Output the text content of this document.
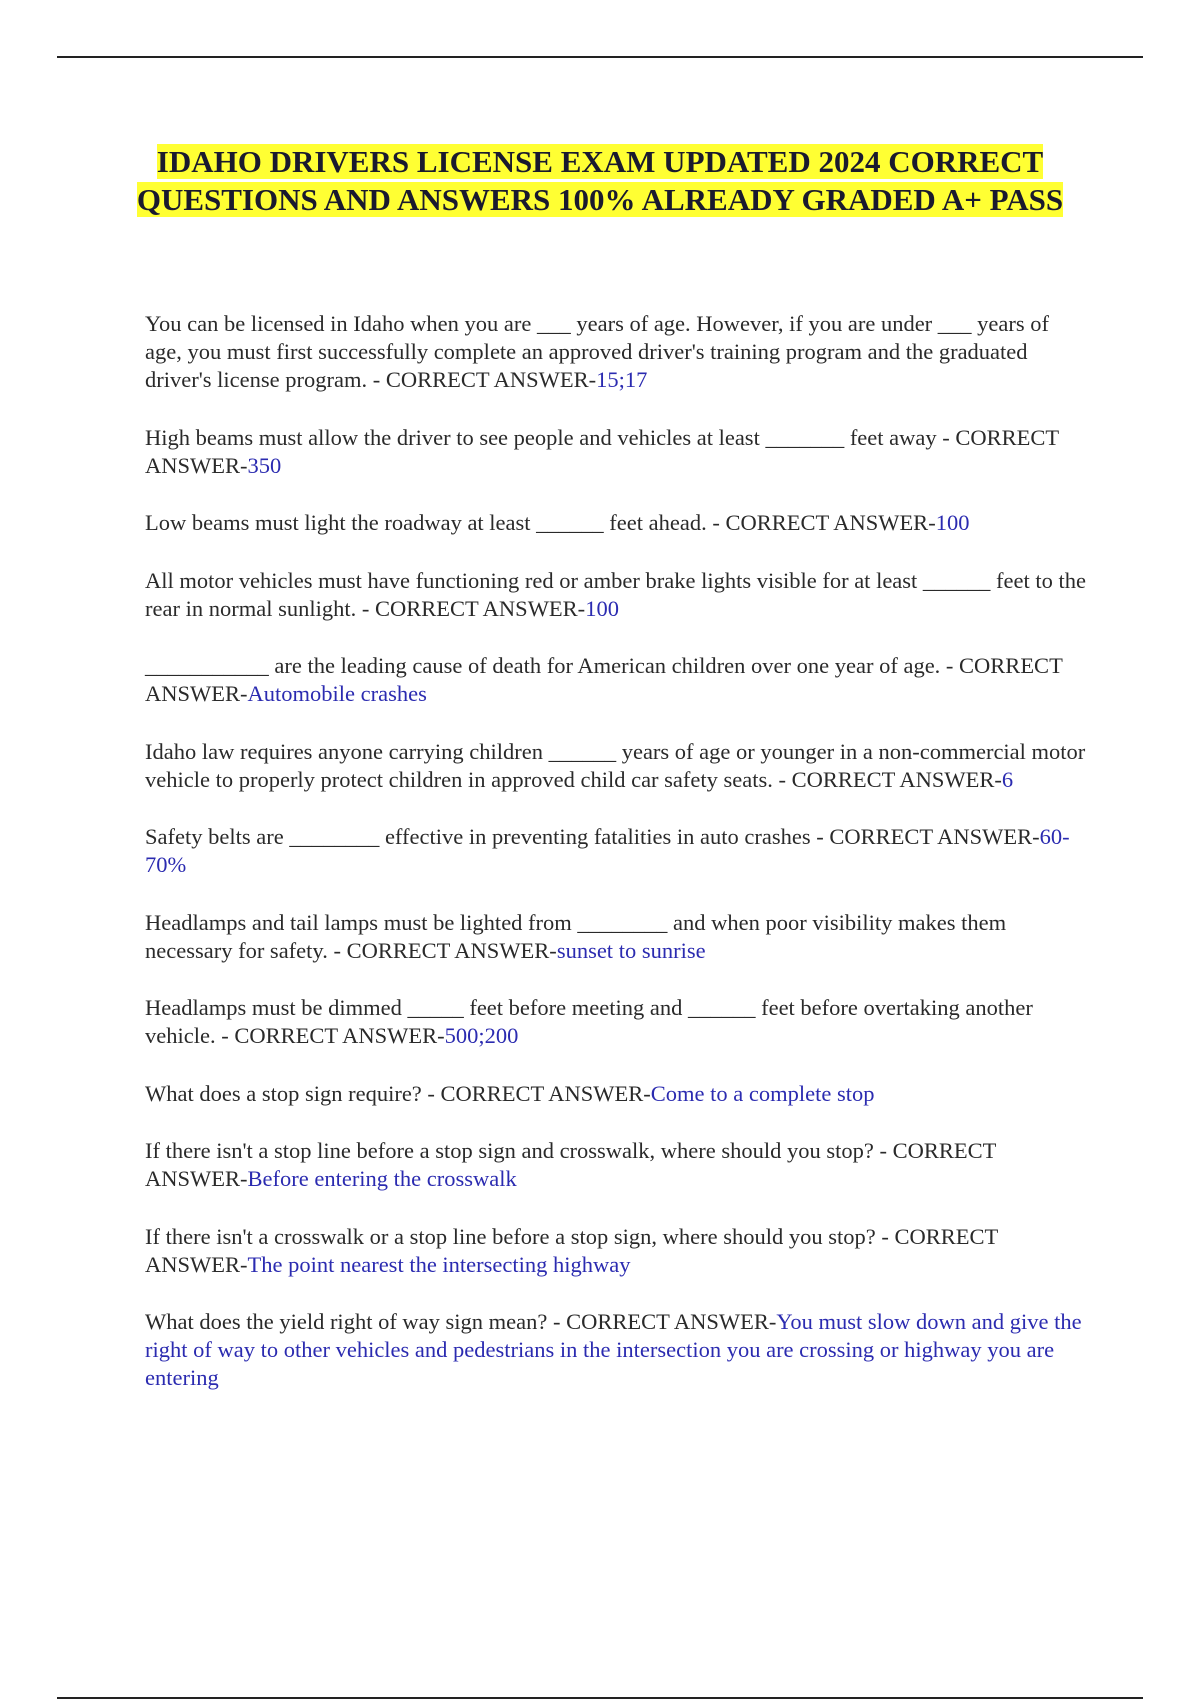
IDAHO DRIVERS LICENSE EXAM UPDATED 2024 CORRECT QUESTIONS AND ANSWERS 100% ALREADY GRADED A+ PASS

You can be licensed in Idaho when you are ___ years of age. However, if you are under ___ years of age, you must first successfully complete an approved driver's training program and the graduated driver's license program. - CORRECT ANSWER-15;17

High beams must allow the driver to see people and vehicles at least _______ feet away - CORRECT ANSWER-350

Low beams must light the roadway at least ______ feet ahead. - CORRECT ANSWER-100

All motor vehicles must have functioning red or amber brake lights visible for at least ______ feet to the rear in normal sunlight. - CORRECT ANSWER-100

___________ are the leading cause of death for American children over one year of age. - CORRECT ANSWER-Automobile crashes

Idaho law requires anyone carrying children ______ years of age or younger in a non-commercial motor vehicle to properly protect children in approved child car safety seats. - CORRECT ANSWER-6

Safety belts are ________ effective in preventing fatalities in auto crashes - CORRECT ANSWER-60-70%

Headlamps and tail lamps must be lighted from ________ and when poor visibility makes them necessary for safety. - CORRECT ANSWER-sunset to sunrise

Headlamps must be dimmed _____ feet before meeting and ______ feet before overtaking another vehicle. - CORRECT ANSWER-500;200

What does a stop sign require? - CORRECT ANSWER-Come to a complete stop

If there isn't a stop line before a stop sign and crosswalk, where should you stop? - CORRECT ANSWER-Before entering the crosswalk

If there isn't a crosswalk or a stop line before a stop sign, where should you stop? - CORRECT ANSWER-The point nearest the intersecting highway

What does the yield right of way sign mean? - CORRECT ANSWER-You must slow down and give the right of way to other vehicles and pedestrians in the intersection you are crossing or highway you are entering
